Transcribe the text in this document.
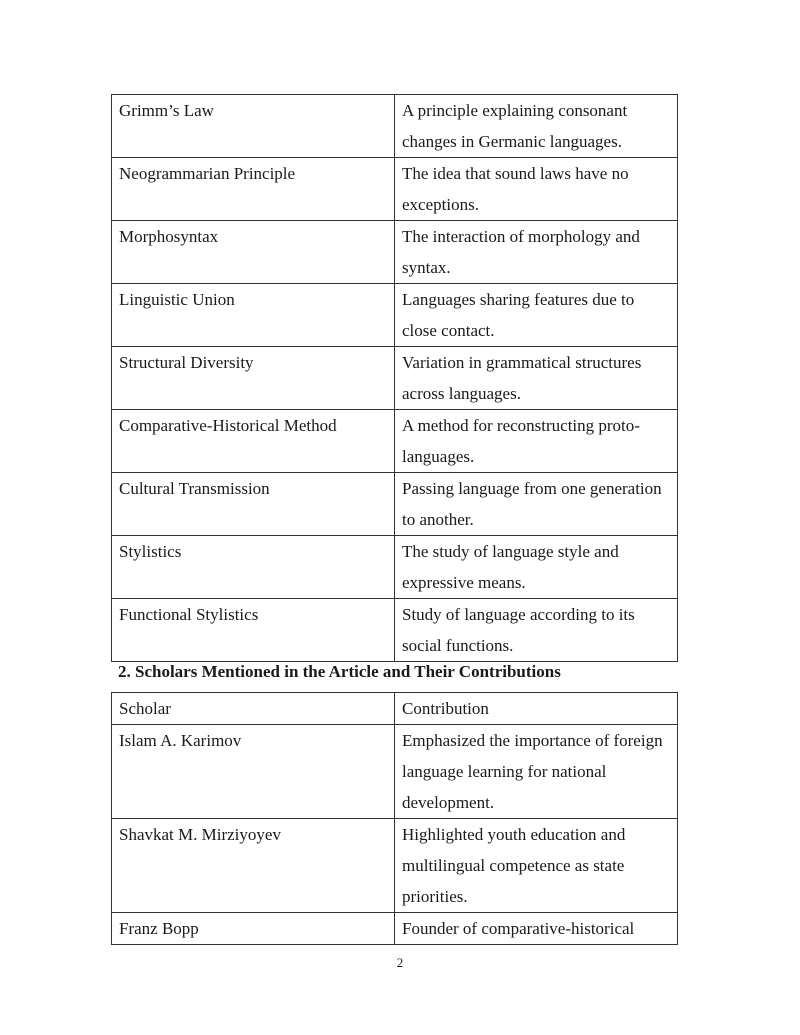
Grimm’s Law	A principle explaining consonant changes in Germanic languages.
Neogrammarian Principle	The idea that sound laws have no exceptions.
Morphosyntax	The interaction of morphology and syntax.
Linguistic Union	Languages sharing features due to close contact.
Structural Diversity	Variation in grammatical structures across languages.
Comparative-Historical Method	A method for reconstructing proto-languages.
Cultural Transmission	Passing language from one generation to another.
Stylistics	The study of language style and expressive means.
Functional Stylistics	Study of language according to its social functions.
2. Scholars Mentioned in the Article and Their Contributions
Scholar	Contribution
Islam A. Karimov	Emphasized the importance of foreign language learning for national development.
Shavkat M. Mirziyoyev	Highlighted youth education and multilingual competence as state priorities.
Franz Bopp	Founder of comparative-historical
2
